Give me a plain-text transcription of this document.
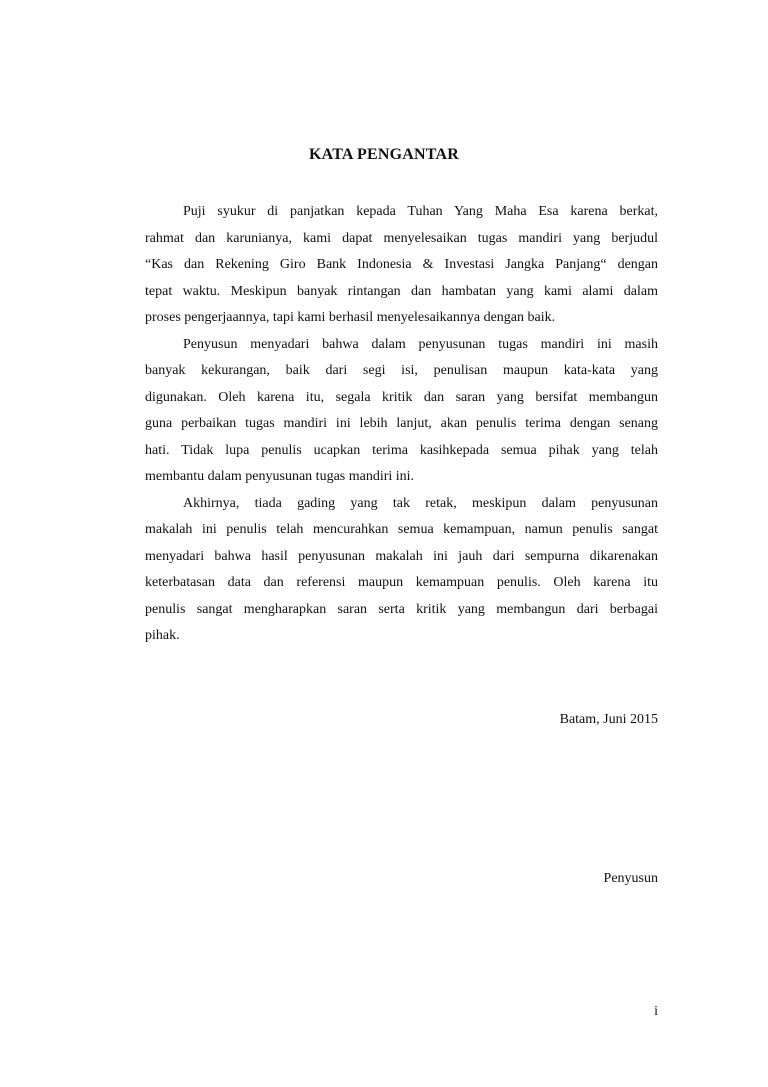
KATA PENGANTAR
Puji syukur di panjatkan kepada Tuhan Yang Maha Esa karena berkat,
rahmat dan karunianya, kami dapat menyelesaikan tugas mandiri yang berjudul
“Kas dan Rekening Giro Bank Indonesia & Investasi Jangka Panjang“ dengan
tepat waktu. Meskipun banyak rintangan dan hambatan yang kami alami dalam
proses pengerjaannya, tapi kami berhasil menyelesaikannya dengan baik.
Penyusun menyadari bahwa dalam penyusunan tugas mandiri ini masih
banyak kekurangan, baik dari segi isi, penulisan maupun kata-kata yang
digunakan. Oleh karena itu, segala kritik dan saran yang bersifat membangun
guna perbaikan tugas mandiri ini lebih lanjut, akan penulis terima dengan senang
hati. Tidak lupa penulis ucapkan terima kasihkepada semua pihak yang telah
membantu dalam penyusunan tugas mandiri ini.
Akhirnya, tiada gading yang tak retak, meskipun dalam penyusunan
makalah ini penulis telah mencurahkan semua kemampuan, namun penulis sangat
menyadari bahwa hasil penyusunan makalah ini jauh dari sempurna dikarenakan
keterbatasan data dan referensi maupun kemampuan penulis. Oleh karena itu
penulis sangat mengharapkan saran serta kritik yang membangun dari berbagai
pihak.
Batam, Juni 2015
Penyusun
i
